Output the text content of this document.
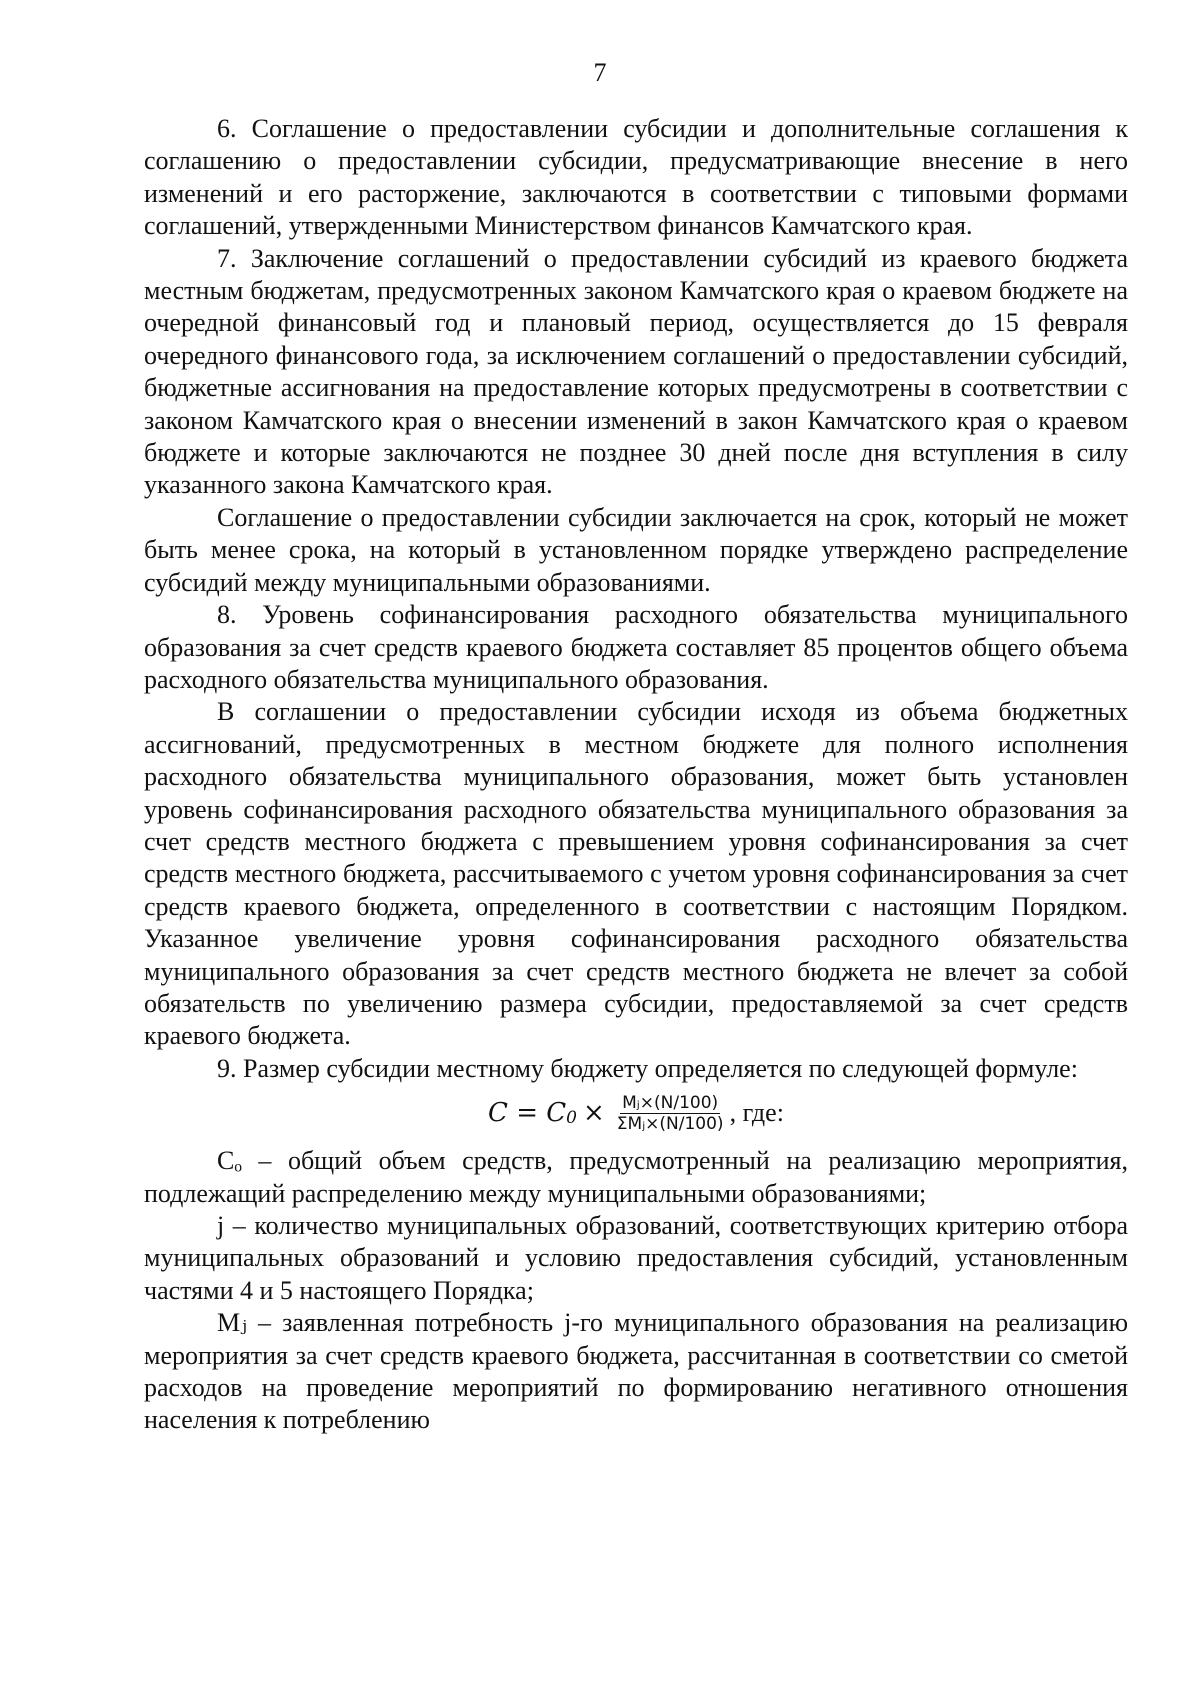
7

6. Соглашение о предоставлении субсидии и дополнительные соглашения к соглашению о предоставлении субсидии, предусматривающие внесение в него изменений и его расторжение, заключаются в соответствии с типовыми формами соглашений, утвержденными Министерством финансов Камчатского края.

7. Заключение соглашений о предоставлении субсидий из краевого бюджета местным бюджетам, предусмотренных законом Камчатского края о краевом бюджете на очередной финансовый год и плановый период, осуществляется до 15 февраля очередного финансового года, за исключением соглашений о предоставлении субсидий, бюджетные ассигнования на предоставление которых предусмотрены в соответствии с законом Камчатского края о внесении изменений в закон Камчатского края о краевом бюджете и которые заключаются не позднее 30 дней после дня вступления в силу указанного закона Камчатского края.

Соглашение о предоставлении субсидии заключается на срок, который не может быть менее срока, на который в установленном порядке утверждено распределение субсидий между муниципальными образованиями.

8. Уровень софинансирования расходного обязательства муниципального образования за счет средств краевого бюджета составляет 85 процентов общего объема расходного обязательства муниципального образования.

В соглашении о предоставлении субсидии исходя из объема бюджетных ассигнований, предусмотренных в местном бюджете для полного исполнения расходного обязательства муниципального образования, может быть установлен уровень софинансирования расходного обязательства муниципального образования за счет средств местного бюджета с превышением уровня софинансирования за счет средств местного бюджета, рассчитываемого с учетом уровня софинансирования за счет средств краевого бюджета, определенного в соответствии с настоящим Порядком. Указанное увеличение уровня софинансирования расходного обязательства муниципального образования за счет средств местного бюджета не влечет за собой обязательств по увеличению размера субсидии, предоставляемой за счет средств краевого бюджета.

9. Размер субсидии местному бюджету определяется по следующей формуле:

C = C $0 \times \frac{\text{Mⱼ×(N/100)}}{\text{ΣMⱼ×(N/100)}}$ , где:

Cₒ – общий объем средств, предусмотренный на реализацию мероприятия, подлежащий распределению между муниципальными образованиями;

j – количество муниципальных образований, соответствующих критерию отбора муниципальных образований и условию предоставления субсидий, установленным частями 4 и 5 настоящего Порядка;

Mⱼ – заявленная потребность j-го муниципального образования на реализацию мероприятия за счет средств краевого бюджета, рассчитанная в соответствии со сметой расходов на проведение мероприятий по формированию негативного отношения населения к потреблению
